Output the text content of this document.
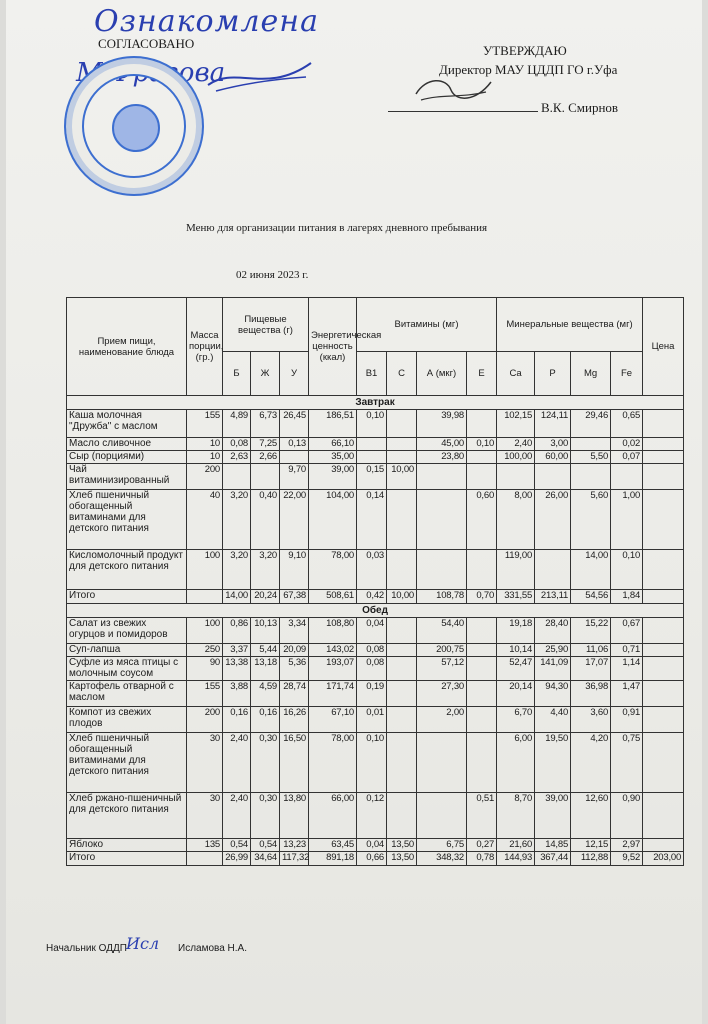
Ознакомлена
СОГЛАСОВАНО
М.Фразова
УТВЕРЖДАЮ
Директор МАУ ЦДДП ГО г.Уфа
В.К. Смирнов
Меню для организации питания в лагерях дневного пребывания
02 июня 2023 г.
Прием пищи, наименование блюда	Масса порции, (гр.)	Пищевые вещества (г)			Энергетическая ценность (ккал)	Витамины (мг)				Минеральные вещества (мг)				Цена
		Б	Ж	У		В1	С	А (мкг)	Е	Ca	P	Mg	Fe	
Завтрак														
Каша молочная "Дружба" с маслом	155	4,89	6,73	26,45	186,51	0,10		39,98		102,15	124,11	29,46	0,65	
Масло сливочное	10	0,08	7,25	0,13	66,10			45,00	0,10	2,40	3,00		0,02	
Сыр (порциями)	10	2,63	2,66		35,00			23,80		100,00	60,00	5,50	0,07	
Чай витаминизированный	200			9,70	39,00	0,15	10,00							
Хлеб пшеничный обогащенный витаминами для детского питания	40	3,20	0,40	22,00	104,00	0,14			0,60	8,00	26,00	5,60	1,00	
Кисломолочный продукт для детского питания	100	3,20	3,20	9,10	78,00	0,03				119,00		14,00	0,10	
Итого		14,00	20,24	67,38	508,61	0,42	10,00	108,78	0,70	331,55	213,11	54,56	1,84	
Обед														
Салат из свежих огурцов и помидоров	100	0,86	10,13	3,34	108,80	0,04		54,40		19,18	28,40	15,22	0,67	
Суп-лапша	250	3,37	5,44	20,09	143,02	0,08		200,75		10,14	25,90	11,06	0,71	
Суфле из мяса птицы с молочным соусом	90	13,38	13,18	5,36	193,07	0,08		57,12		52,47	141,09	17,07	1,14	
Картофель отварной с маслом	155	3,88	4,59	28,74	171,74	0,19		27,30		20,14	94,30	36,98	1,47	
Компот из свежих плодов	200	0,16	0,16	16,26	67,10	0,01		2,00		6,70	4,40	3,60	0,91	
Хлеб пшеничный обогащенный витаминами для детского питания	30	2,40	0,30	16,50	78,00	0,10				6,00	19,50	4,20	0,75	
Хлеб ржано-пшеничный для детского питания	30	2,40	0,30	13,80	66,00	0,12			0,51	8,70	39,00	12,60	0,90	
Яблоко	135	0,54	0,54	13,23	63,45	0,04	13,50	6,75	0,27	21,60	14,85	12,15	2,97	
Итого		26,99	34,64	117,32	891,18	0,66	13,50	348,32	0,78	144,93	367,44	112,88	9,52	203,00
Начальник ОДДП Исл Исламова Н.А.
